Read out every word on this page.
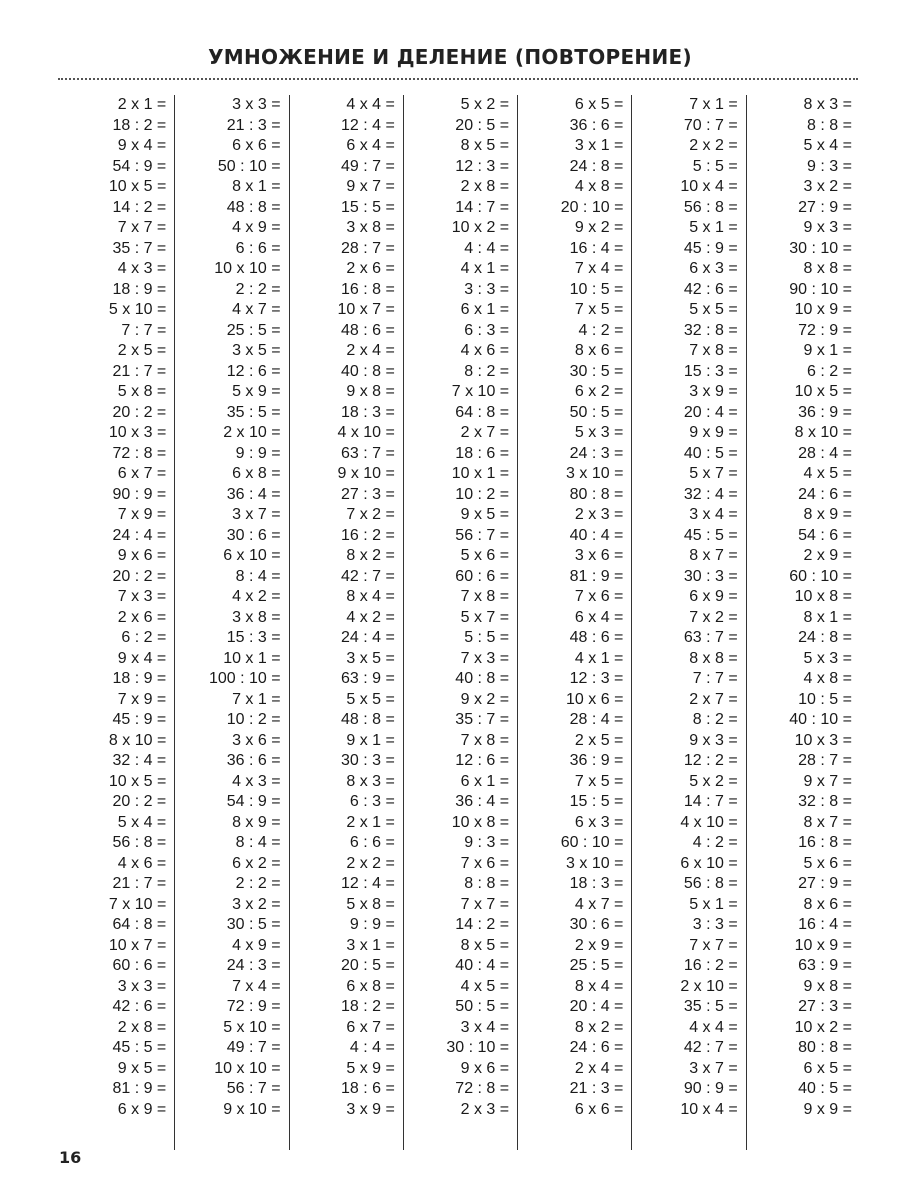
УМНОЖЕНИЕ И ДЕЛЕНИЕ (ПОВТОРЕНИЕ)
2 x 1 =
18 : 2 =
9 x 4 =
54 : 9 =
10 x 5 =
14 : 2 =
7 x 7 =
35 : 7 =
4 x 3 =
18 : 9 =
5 x 10 =
7 : 7 =
2 x 5 =
21 : 7 =
5 x 8 =
20 : 2 =
10 x 3 =
72 : 8 =
6 x 7 =
90 : 9 =
7 x 9 =
24 : 4 =
9 x 6 =
20 : 2 =
7 x 3 =
2 x 6 =
6 : 2 =
9 x 4 =
18 : 9 =
7 x 9 =
45 : 9 =
8 x 10 =
32 : 4 =
10 x 5 =
20 : 2 =
5 x 4 =
56 : 8 =
4 x 6 =
21 : 7 =
7 x 10 =
64 : 8 =
10 x 7 =
60 : 6 =
3 x 3 =
42 : 6 =
2 x 8 =
45 : 5 =
9 x 5 =
81 : 9 =
6 x 9 =
3 x 3 =
21 : 3 =
6 x 6 =
50 : 10 =
8 x 1 =
48 : 8 =
4 x 9 =
6 : 6 =
10 x 10 =
2 : 2 =
4 x 7 =
25 : 5 =
3 x 5 =
12 : 6 =
5 x 9 =
35 : 5 =
2 x 10 =
9 : 9 =
6 x 8 =
36 : 4 =
3 x 7 =
30 : 6 =
6 x 10 =
8 : 4 =
4 x 2 =
3 x 8 =
15 : 3 =
10 x 1 =
100 : 10 =
7 x 1 =
10 : 2 =
3 x 6 =
36 : 6 =
4 x 3 =
54 : 9 =
8 x 9 =
8 : 4 =
6 x 2 =
2 : 2 =
3 x 2 =
30 : 5 =
4 x 9 =
24 : 3 =
7 x 4 =
72 : 9 =
5 x 10 =
49 : 7 =
10 x 10 =
56 : 7 =
9 x 10 =
4 x 4 =
12 : 4 =
6 x 4 =
49 : 7 =
9 x 7 =
15 : 5 =
3 x 8 =
28 : 7 =
2 x 6 =
16 : 8 =
10 x 7 =
48 : 6 =
2 x 4 =
40 : 8 =
9 x 8 =
18 : 3 =
4 x 10 =
63 : 7 =
9 x 10 =
27 : 3 =
7 x 2 =
16 : 2 =
8 x 2 =
42 : 7 =
8 x 4 =
4 x 2 =
24 : 4 =
3 x 5 =
63 : 9 =
5 x 5 =
48 : 8 =
9 x 1 =
30 : 3 =
8 x 3 =
6 : 3 =
2 x 1 =
6 : 6 =
2 x 2 =
12 : 4 =
5 x 8 =
9 : 9 =
3 x 1 =
20 : 5 =
6 x 8 =
18 : 2 =
6 x 7 =
4 : 4 =
5 x 9 =
18 : 6 =
3 x 9 =
5 x 2 =
20 : 5 =
8 x 5 =
12 : 3 =
2 x 8 =
14 : 7 =
10 x 2 =
4 : 4 =
4 x 1 =
3 : 3 =
6 x 1 =
6 : 3 =
4 x 6 =
8 : 2 =
7 x 10 =
64 : 8 =
2 x 7 =
18 : 6 =
10 x 1 =
10 : 2 =
9 x 5 =
56 : 7 =
5 x 6 =
60 : 6 =
7 x 8 =
5 x 7 =
5 : 5 =
7 x 3 =
40 : 8 =
9 x 2 =
35 : 7 =
7 x 8 =
12 : 6 =
6 x 1 =
36 : 4 =
10 x 8 =
9 : 3 =
7 x 6 =
8 : 8 =
7 x 7 =
14 : 2 =
8 x 5 =
40 : 4 =
4 x 5 =
50 : 5 =
3 x 4 =
30 : 10 =
9 x 6 =
72 : 8 =
2 x 3 =
6 x 5 =
36 : 6 =
3 x 1 =
24 : 8 =
4 x 8 =
20 : 10 =
9 x 2 =
16 : 4 =
7 x 4 =
10 : 5 =
7 x 5 =
4 : 2 =
8 x 6 =
30 : 5 =
6 x 2 =
50 : 5 =
5 x 3 =
24 : 3 =
3 x 10 =
80 : 8 =
2 x 3 =
40 : 4 =
3 x 6 =
81 : 9 =
7 x 6 =
6 x 4 =
48 : 6 =
4 x 1 =
12 : 3 =
10 x 6 =
28 : 4 =
2 x 5 =
36 : 9 =
7 x 5 =
15 : 5 =
6 x 3 =
60 : 10 =
3 x 10 =
18 : 3 =
4 x 7 =
30 : 6 =
2 x 9 =
25 : 5 =
8 x 4 =
20 : 4 =
8 x 2 =
24 : 6 =
2 x 4 =
21 : 3 =
6 x 6 =
7 x 1 =
70 : 7 =
2 x 2 =
5 : 5 =
10 x 4 =
56 : 8 =
5 x 1 =
45 : 9 =
6 x 3 =
42 : 6 =
5 x 5 =
32 : 8 =
7 x 8 =
15 : 3 =
3 x 9 =
20 : 4 =
9 x 9 =
40 : 5 =
5 x 7 =
32 : 4 =
3 x 4 =
45 : 5 =
8 x 7 =
30 : 3 =
6 x 9 =
7 x 2 =
63 : 7 =
8 x 8 =
7 : 7 =
2 x 7 =
8 : 2 =
9 x 3 =
12 : 2 =
5 x 2 =
14 : 7 =
4 x 10 =
4 : 2 =
6 x 10 =
56 : 8 =
5 x 1 =
3 : 3 =
7 x 7 =
16 : 2 =
2 x 10 =
35 : 5 =
4 x 4 =
42 : 7 =
3 x 7 =
90 : 9 =
10 x 4 =
8 x 3 =
8 : 8 =
5 x 4 =
9 : 3 =
3 x 2 =
27 : 9 =
9 x 3 =
30 : 10 =
8 x 8 =
90 : 10 =
10 x 9 =
72 : 9 =
9 x 1 =
6 : 2 =
10 x 5 =
36 : 9 =
8 x 10 =
28 : 4 =
4 x 5 =
24 : 6 =
8 x 9 =
54 : 6 =
2 x 9 =
60 : 10 =
10 x 8 =
8 x 1 =
24 : 8 =
5 x 3 =
4 x 8 =
10 : 5 =
40 : 10 =
10 x 3 =
28 : 7 =
9 x 7 =
32 : 8 =
8 x 7 =
16 : 8 =
5 x 6 =
27 : 9 =
8 x 6 =
16 : 4 =
10 x 9 =
63 : 9 =
9 x 8 =
27 : 3 =
10 x 2 =
80 : 8 =
6 x 5 =
40 : 5 =
9 x 9 =
16
